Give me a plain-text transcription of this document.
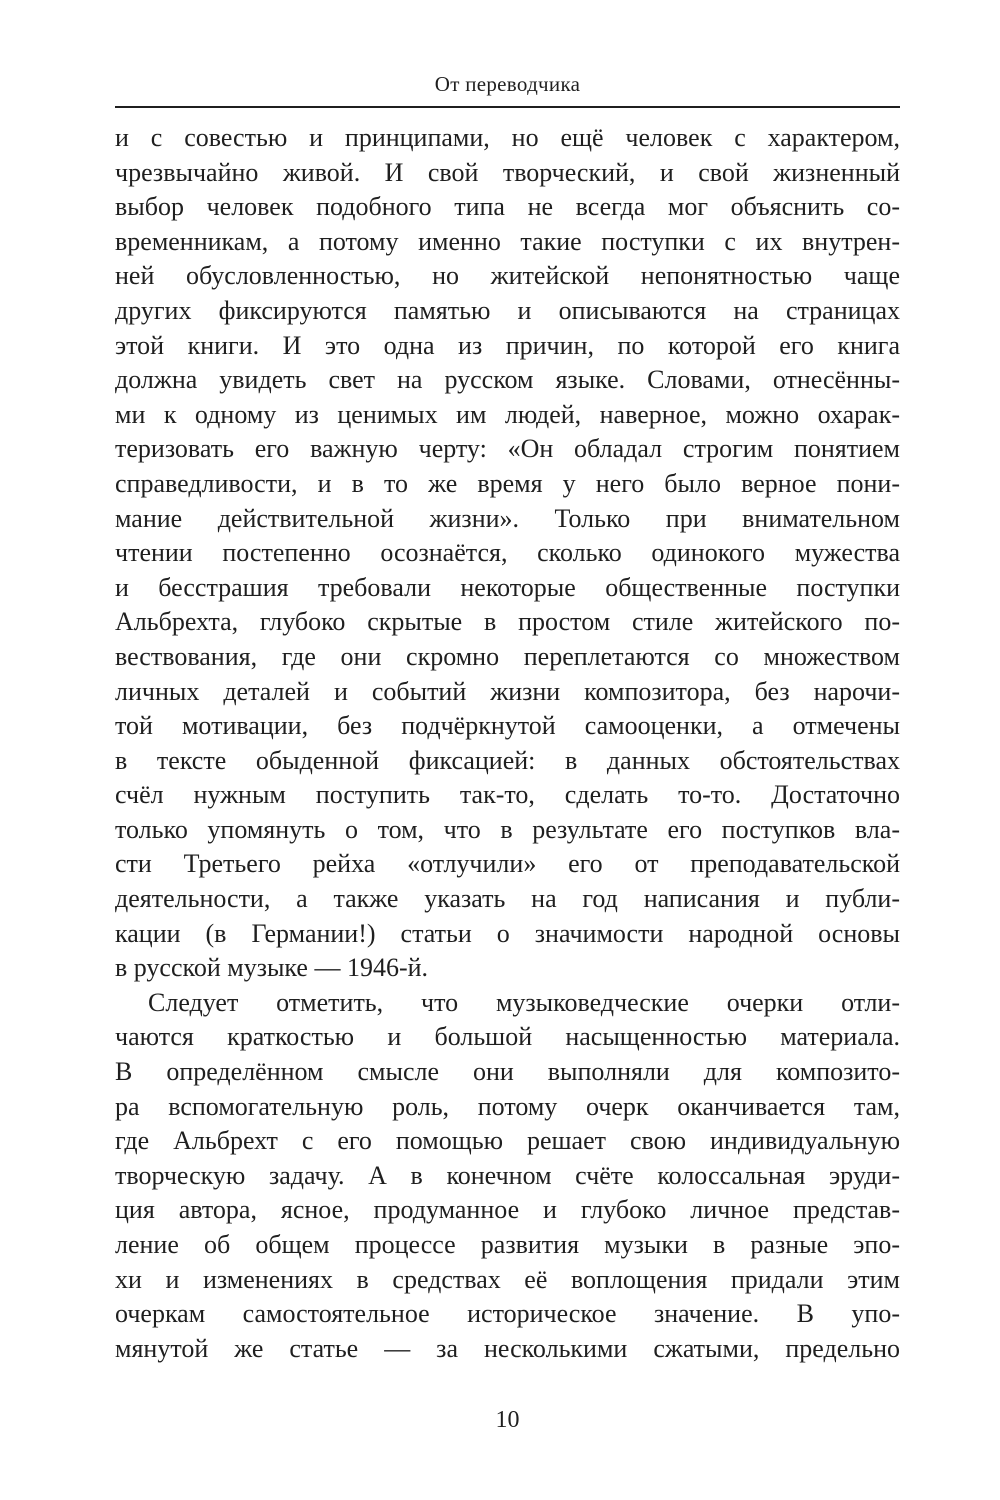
От переводчика
и с совестью и принципами, но ещё человек с характером,
чрезвычайно живой. И свой творческий, и свой жизненный
выбор человек подобного типа не всегда мог объяснить со-
временникам, а потому именно такие поступки с их внутрен-
ней обусловленностью, но житейской непонятностью чаще
других фиксируются памятью и описываются на страницах
этой книги. И это одна из причин, по которой его книга
должна увидеть свет на русском языке. Словами, отнесённы-
ми к одному из ценимых им людей, наверное, можно охарак-
теризовать его важную черту: «Он обладал строгим понятием
справедливости, и в то же время у него было верное пони-
мание действительной жизни». Только при внимательном
чтении постепенно осознаётся, сколько одинокого мужества
и бесстрашия требовали некоторые общественные поступки
Альбрехта, глубоко скрытые в простом стиле житейского по-
вествования, где они скромно переплетаются со множеством
личных деталей и событий жизни композитора, без нарочи-
той мотивации, без подчёркнутой самооценки, а отмечены
в тексте обыденной фиксацией: в данных обстоятельствах
счёл нужным поступить так-то, сделать то-то. Достаточно
только упомянуть о том, что в результате его поступков вла-
сти Третьего рейха «отлучили» его от преподавательской
деятельности, а также указать на год написания и публи-
кации (в Германии!) статьи о значимости народной основы
в русской музыке — 1946-й.
Следует отметить, что музыковедческие очерки отли-
чаются краткостью и большой насыщенностью материала.
В определённом смысле они выполняли для композито-
ра вспомогательную роль, потому очерк оканчивается там,
где Альбрехт с его помощью решает свою индивидуальную
творческую задачу. А в конечном счёте колоссальная эруди-
ция автора, ясное, продуманное и глубоко личное представ-
ление об общем процессе развития музыки в разные эпо-
хи и изменениях в средствах её воплощения придали этим
очеркам самостоятельное историческое значение. В упо-
мянутой же статье — за несколькими сжатыми, предельно
10
